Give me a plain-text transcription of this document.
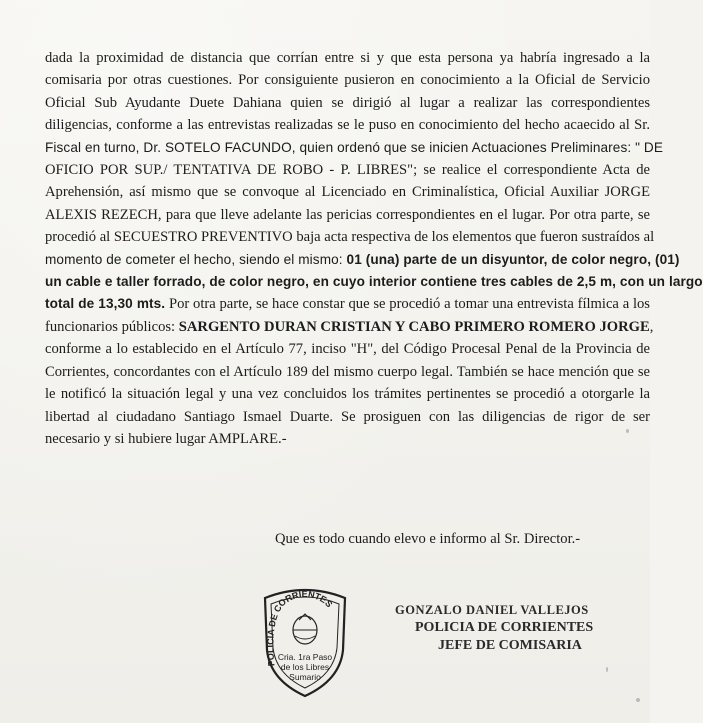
dada la proximidad de distancia que corrían entre si y que esta persona ya habría ingresado a la
comisaria por otras cuestiones. Por consiguiente pusieron en conocimiento a la Oficial de Servicio
Oficial Sub Ayudante Duete Dahiana quien se dirigió al lugar a realizar las correspondientes
diligencias, conforme a las entrevistas realizadas se le puso en conocimiento del hecho acaecido al Sr.
Fiscal en turno, Dr. SOTELO FACUNDO, quien ordenó que se inicien Actuaciones Preliminares: " DE
OFICIO POR SUP./ TENTATIVA DE ROBO - P. LIBRES"; se realice el correspondiente Acta de
Aprehensión, así mismo que se convoque al Licenciado en Criminalística, Oficial Auxiliar JORGE
ALEXIS REZECH, para que lleve adelante las pericias correspondientes en el lugar. Por otra parte, se
procedió al SECUESTRO PREVENTIVO baja acta respectiva de los elementos que fueron sustraídos al
momento de cometer el hecho, siendo el mismo: 01 (una) parte de un disyuntor, de color negro, (01)
un cable e taller forrado, de color negro, en cuyo interior contiene tres cables de 2,5 m, con un largo
total de 13,30 mts. Por otra parte, se hace constar que se procedió a tomar una entrevista fílmica a los
funcionarios públicos: SARGENTO DURAN CRISTIAN Y CABO PRIMERO ROMERO JORGE,
conforme a lo establecido en el Artículo 77, inciso "H", del Código Procesal Penal de la Provincia de
Corrientes, concordantes con el Artículo 189 del mismo cuerpo legal. También se hace mención que se
le notificó la situación legal y una vez concluidos los trámites pertinentes se procedió a otorgarle la
libertad al ciudadano Santiago Ismael Duarte. Se prosiguen con las diligencias de rigor de ser
necesario y si hubiere lugar AMPLARE.-
Que es todo cuando elevo e informo al Sr. Director.-
POLICIA DE CORRIENTES
Cria. 1ra Paso
de los Libres
Sumario
GONZALO DANIEL VALLEJOS
POLICIA DE CORRIENTES
JEFE DE COMISARIA
